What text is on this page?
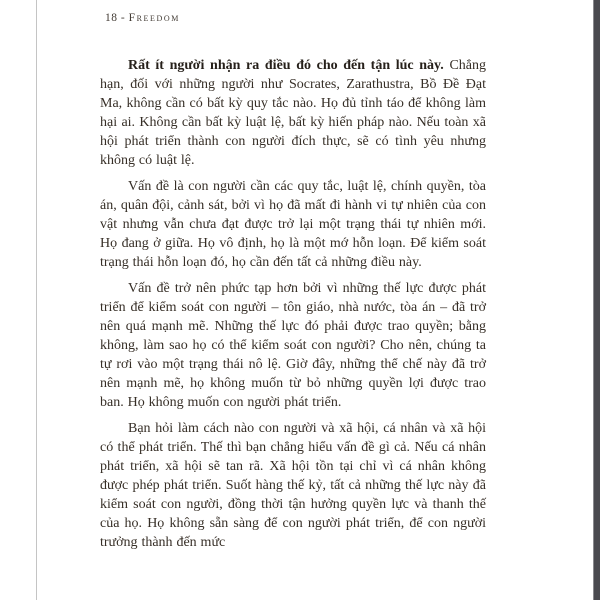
18 - Freedom

Rất ít người nhận ra điều đó cho đến tận lúc này. Chẳng hạn, đối với những người như Socrates, Zarathustra, Bồ Đề Đạt Ma, không cần có bất kỳ quy tắc nào. Họ đủ tỉnh táo để không làm hại ai. Không cần bất kỳ luật lệ, bất kỳ hiến pháp nào. Nếu toàn xã hội phát triển thành con người đích thực, sẽ có tình yêu nhưng không có luật lệ.

Vấn đề là con người cần các quy tắc, luật lệ, chính quyền, tòa án, quân đội, cảnh sát, bởi vì họ đã mất đi hành vi tự nhiên của con vật nhưng vẫn chưa đạt được trở lại một trạng thái tự nhiên mới. Họ đang ở giữa. Họ vô định, họ là một mớ hỗn loạn. Để kiểm soát trạng thái hỗn loạn đó, họ cần đến tất cả những điều này.

Vấn đề trở nên phức tạp hơn bởi vì những thế lực được phát triển để kiểm soát con người – tôn giáo, nhà nước, tòa án – đã trở nên quá mạnh mẽ. Những thế lực đó phải được trao quyền; bằng không, làm sao họ có thể kiểm soát con người? Cho nên, chúng ta tự rơi vào một trạng thái nô lệ. Giờ đây, những thể chế này đã trở nên mạnh mẽ, họ không muốn từ bỏ những quyền lợi được trao ban. Họ không muốn con người phát triển.

Bạn hỏi làm cách nào con người và xã hội, cá nhân và xã hội có thể phát triển. Thế thì bạn chẳng hiểu vấn đề gì cả. Nếu cá nhân phát triển, xã hội sẽ tan rã. Xã hội tồn tại chỉ vì cá nhân không được phép phát triển. Suốt hàng thế kỷ, tất cả những thế lực này đã kiểm soát con người, đồng thời tận hưởng quyền lực và thanh thế của họ. Họ không sẵn sàng để con người phát triển, để con người trưởng thành đến mức
